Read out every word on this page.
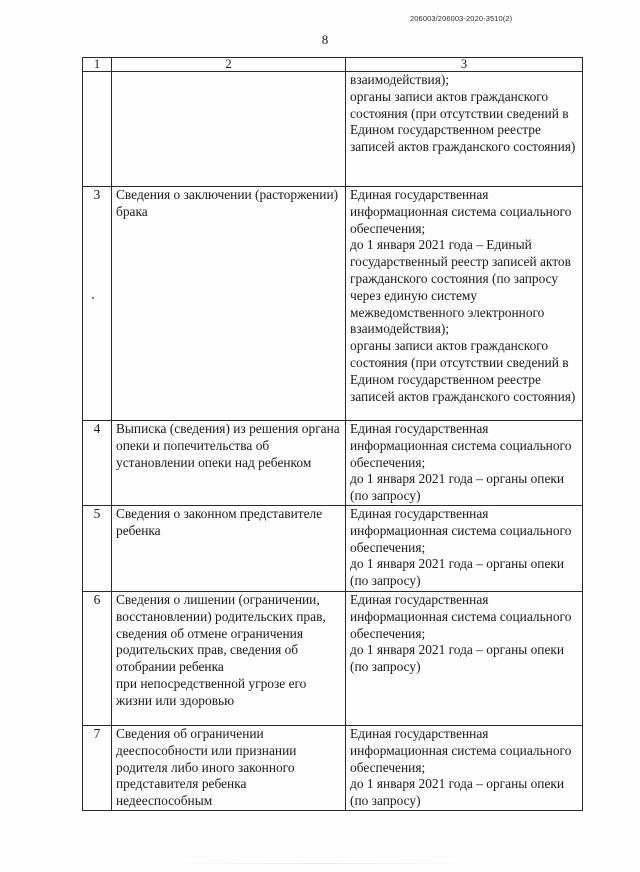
206003/206003-2020-3510(2)
8
1	2	3
		взаимодействия);
органы записи актов гражданского состояния (при отсутствии сведений в Едином государственном реестре записей актов гражданского состояния)
3	Сведения о заключении (расторжении) брака	Единая государственная информационная система социального обеспечения;
до 1 января 2021 года – Единый государственный реестр записей актов гражданского состояния (по запросу через единую систему межведомственного электронного взаимодействия);
органы записи актов гражданского состояния (при отсутствии сведений в Едином государственном реестре записей актов гражданского состояния)
4	Выписка (сведения) из решения органа опеки и попечительства об установлении опеки над ребенком	Единая государственная информационная система социального обеспечения;
до 1 января 2021 года – органы опеки (по запросу)
5	Сведения о законном представителе ребенка	Единая государственная информационная система социального обеспечения;
до 1 января 2021 года – органы опеки (по запросу)
6	Сведения о лишении (ограничении, восстановлении) родительских прав, сведения об отмене ограничения родительских прав, сведения об отобрании ребенка
при непосредственной угрозе его жизни или здоровью	Единая государственная информационная система социального обеспечения;
до 1 января 2021 года – органы опеки (по запросу)
7	Сведения об ограничении дееспособности или признании родителя либо иного законного представителя ребенка недееспособным	Единая государственная информационная система социального обеспечения;
до 1 января 2021 года – органы опеки (по запросу)
